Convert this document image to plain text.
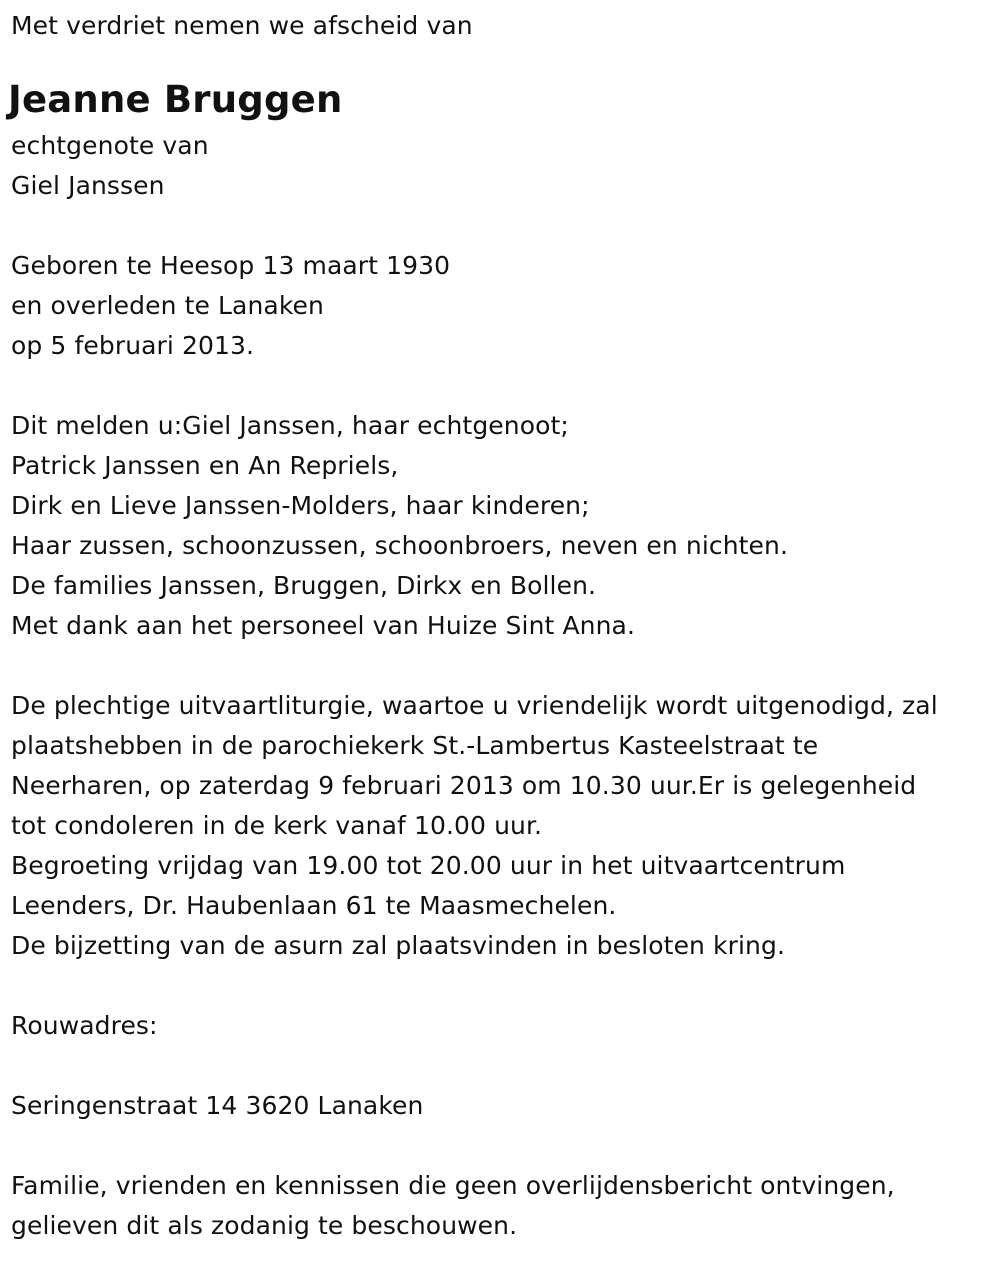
Met verdriet nemen we afscheid van
Jeanne Bruggen
echtgenote van
Giel Janssen
Geboren te Heesop 13 maart 1930
en overleden te Lanaken
op 5 februari 2013.
Dit melden u:Giel Janssen, haar echtgenoot;
Patrick Janssen en An Repriels,
Dirk en Lieve Janssen-Molders, haar kinderen;
Haar zussen, schoonzussen, schoonbroers, neven en nichten.
De families Janssen, Bruggen, Dirkx en Bollen.
Met dank aan het personeel van Huize Sint Anna.
De plechtige uitvaartliturgie, waartoe u vriendelijk wordt uitgenodigd, zal
plaatshebben in de parochiekerk St.-Lambertus Kasteelstraat te
Neerharen, op zaterdag 9 februari 2013 om 10.30 uur.Er is gelegenheid
tot condoleren in de kerk vanaf 10.00 uur.
Begroeting vrijdag van 19.00 tot 20.00 uur in het uitvaartcentrum
Leenders, Dr. Haubenlaan 61 te Maasmechelen.
De bijzetting van de asurn zal plaatsvinden in besloten kring.
Rouwadres:
Seringenstraat 14 3620 Lanaken
Familie, vrienden en kennissen die geen overlijdensbericht ontvingen,
gelieven dit als zodanig te beschouwen.
